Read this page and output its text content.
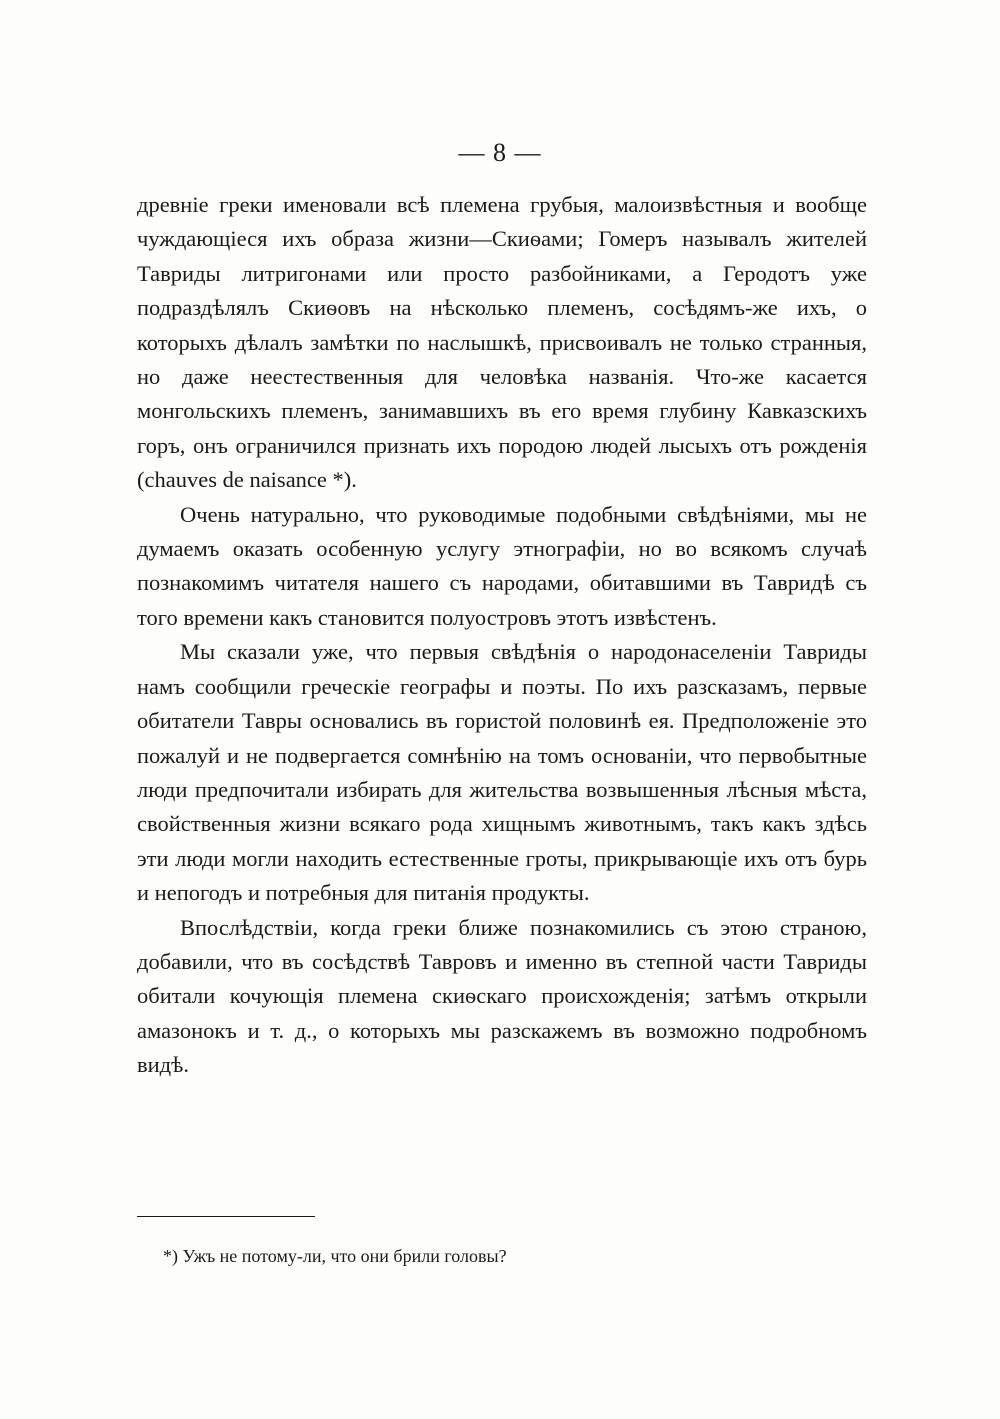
— 8 —

древніе греки именовали всѣ племена грубыя, малоизвѣстныя и вообще чуждающіеся ихъ образа жизни—Скиѳами; Гомеръ называлъ жителей Тавриды литригонами или просто разбойниками, а Геродотъ уже подраздѣлялъ Скиѳовъ на нѣсколько племенъ, сосѣдямъ-же ихъ, о которыхъ дѣлалъ замѣтки по наслышкѣ, присвоивалъ не только странныя, но даже неестественныя для человѣка названія. Что-же касается монгольскихъ племенъ, занимавшихъ въ его время глубину Кавказскихъ горъ, онъ ограничился признать ихъ породою людей лысыхъ отъ рожденія (chauves de naisance *).

Очень натурально, что руководимые подобными свѣдѣніями, мы не думаемъ оказать особенную услугу этнографіи, но во всякомъ случаѣ познакомимъ читателя нашего съ народами, обитавшими въ Тавридѣ съ того времени какъ становится полуостровъ этотъ извѣстенъ.

Мы сказали уже, что первыя свѣдѣнія о народонаселеніи Тавриды намъ сообщили греческіе географы и поэты. По ихъ разсказамъ, первые обитатели Тавры основались въ гористой половинѣ ея. Предположеніе это пожалуй и не подвергается сомнѣнію на томъ основаніи, что первобытные люди предпочитали избирать для жительства возвышенныя лѣсныя мѣста, свойственныя жизни всякаго рода хищнымъ животнымъ, такъ какъ здѣсь эти люди могли находить естественные гроты, прикрывающіе ихъ отъ бурь и непогодъ и потребныя для питанія продукты.

Впослѣдствіи, когда греки ближе познакомились съ этою страною, добавили, что въ сосѣдствѣ Тавровъ и именно въ степной части Тавриды обитали кочующія племена скиѳскаго происхожденія; затѣмъ открыли амазонокъ и т. д., о которыхъ мы разскажемъ въ возможно подробномъ видѣ.

*) Ужъ не потому-ли, что они брили головы?
